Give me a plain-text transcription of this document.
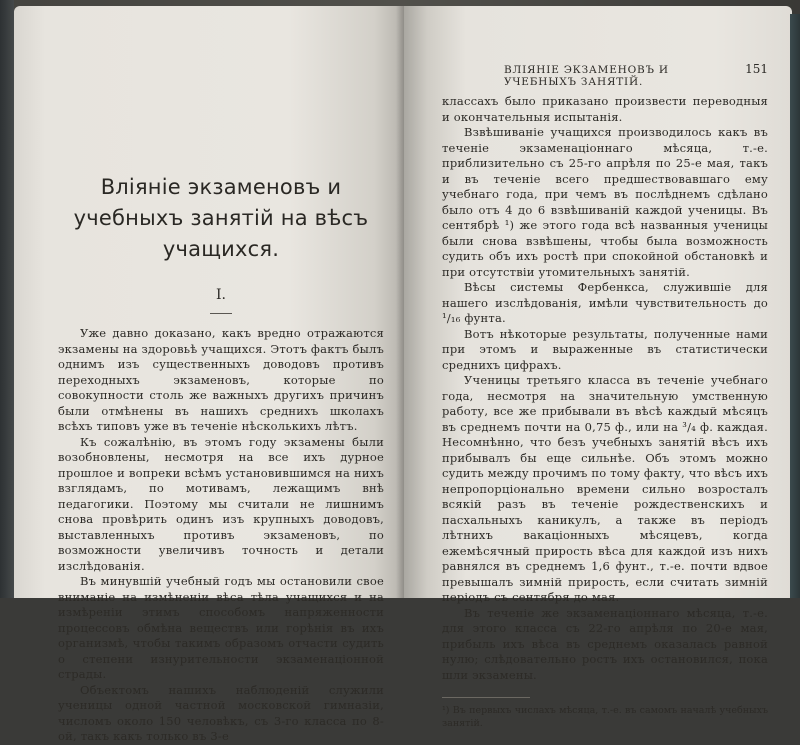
Вліяніе экзаменовъ и учебныхъ занятій на вѣсъ учащихся.
I.

Уже давно доказано, какъ вредно отражаются экзамены на здоровьѣ учащихся. Этотъ фактъ былъ однимъ изъ существенныхъ доводовъ противъ переходныхъ экзаменовъ, которые по совокупности столь же важныхъ другихъ причинъ были отмѣнены въ нашихъ среднихъ школахъ всѣхъ типовъ уже въ теченіе нѣсколькихъ лѣтъ.

Къ сожалѣнію, въ этомъ году экзамены были возобновлены, несмотря на все ихъ дурное прошлое и вопреки всѣмъ установившимся на нихъ взглядамъ, по мотивамъ, лежащимъ внѣ педагогики. Поэтому мы считали не лишнимъ снова провѣрить одинъ изъ крупныхъ доводовъ, выставленныхъ противъ экзаменовъ, по возможности увеличивъ точность и детали изслѣдованія.

Въ минувшій учебный годъ мы остановили свое вниманіе на измѣненіи вѣса тѣла учащихся и на измѣреніи этимъ способомъ напряженности процессовъ обмѣна веществъ или горѣнія въ ихъ организмѣ, чтобы такимъ образомъ отчасти судить о степени изнурительности экзаменаціонной страды.

Объектомъ нашихъ наблюденій служили ученицы одной частной московской гимназіи, числомъ около 150 человѣкъ, съ 3-го класса по 8-ой, такъ какъ только въ 3-е

ВЛІЯНІЕ ЭКЗАМЕНОВЪ И УЧЕБНЫХЪ ЗАНЯТІЙ.
151

классахъ было приказано произвести переводныя и окончательныя испытанія.

Взвѣшиваніе учащихся производилось какъ въ теченіе экзаменаціоннаго мѣсяца, т.-е. приблизительно съ 25-го апрѣля по 25-е мая, такъ и въ теченіе всего предшествовавшаго ему учебнаго года, при чемъ въ послѣднемъ сдѣлано было отъ 4 до 6 взвѣшиваній каждой ученицы. Въ сентябрѣ ¹) же этого года всѣ названныя ученицы были снова взвѣшены, чтобы была возможность судить объ ихъ ростѣ при спокойной обстановкѣ и при отсутствіи утомительныхъ занятій.

Вѣсы системы Фербенкса, служившіе для нашего изслѣдованія, имѣли чувствительность до ¹/₁₆ фунта.

Вотъ нѣкоторые результаты, полученные нами при этомъ и выраженные въ статистически среднихъ цифрахъ.

Ученицы третьяго класса въ теченіе учебнаго года, несмотря на значительную умственную работу, все же прибывали въ вѣсѣ каждый мѣсяцъ въ среднемъ почти на 0,75 ф., или на ³/₄ ф. каждая. Несомнѣнно, что безъ учебныхъ занятій вѣсъ ихъ прибывалъ бы еще сильнѣе. Объ этомъ можно судить между прочимъ по тому факту, что вѣсъ ихъ непропорціонально времени сильно возросталъ всякій разъ въ теченіе рождественскихъ и пасхальныхъ каникулъ, а также въ періодъ лѣтнихъ вакаціонныхъ мѣсяцевъ, когда ежемѣсячный прирость вѣса для каждой изъ нихъ равнялся въ среднемъ 1,6 фунт., т.-е. почти вдвое превышалъ зимній прирость, если считать зимній періодъ съ сентября до мая.

Въ теченіе же экзаменаціоннаго мѣсяца, т.-е. для этого класса съ 22-го апрѣля по 20-е мая, прибыль ихъ вѣса въ среднемъ оказалась равной нулю; слѣдовательно ростъ ихъ остановился, пока шли экзамены.

¹) Въ первыхъ числахъ мѣсяца, т.-е. въ самомъ началѣ учебныхъ занятій.
